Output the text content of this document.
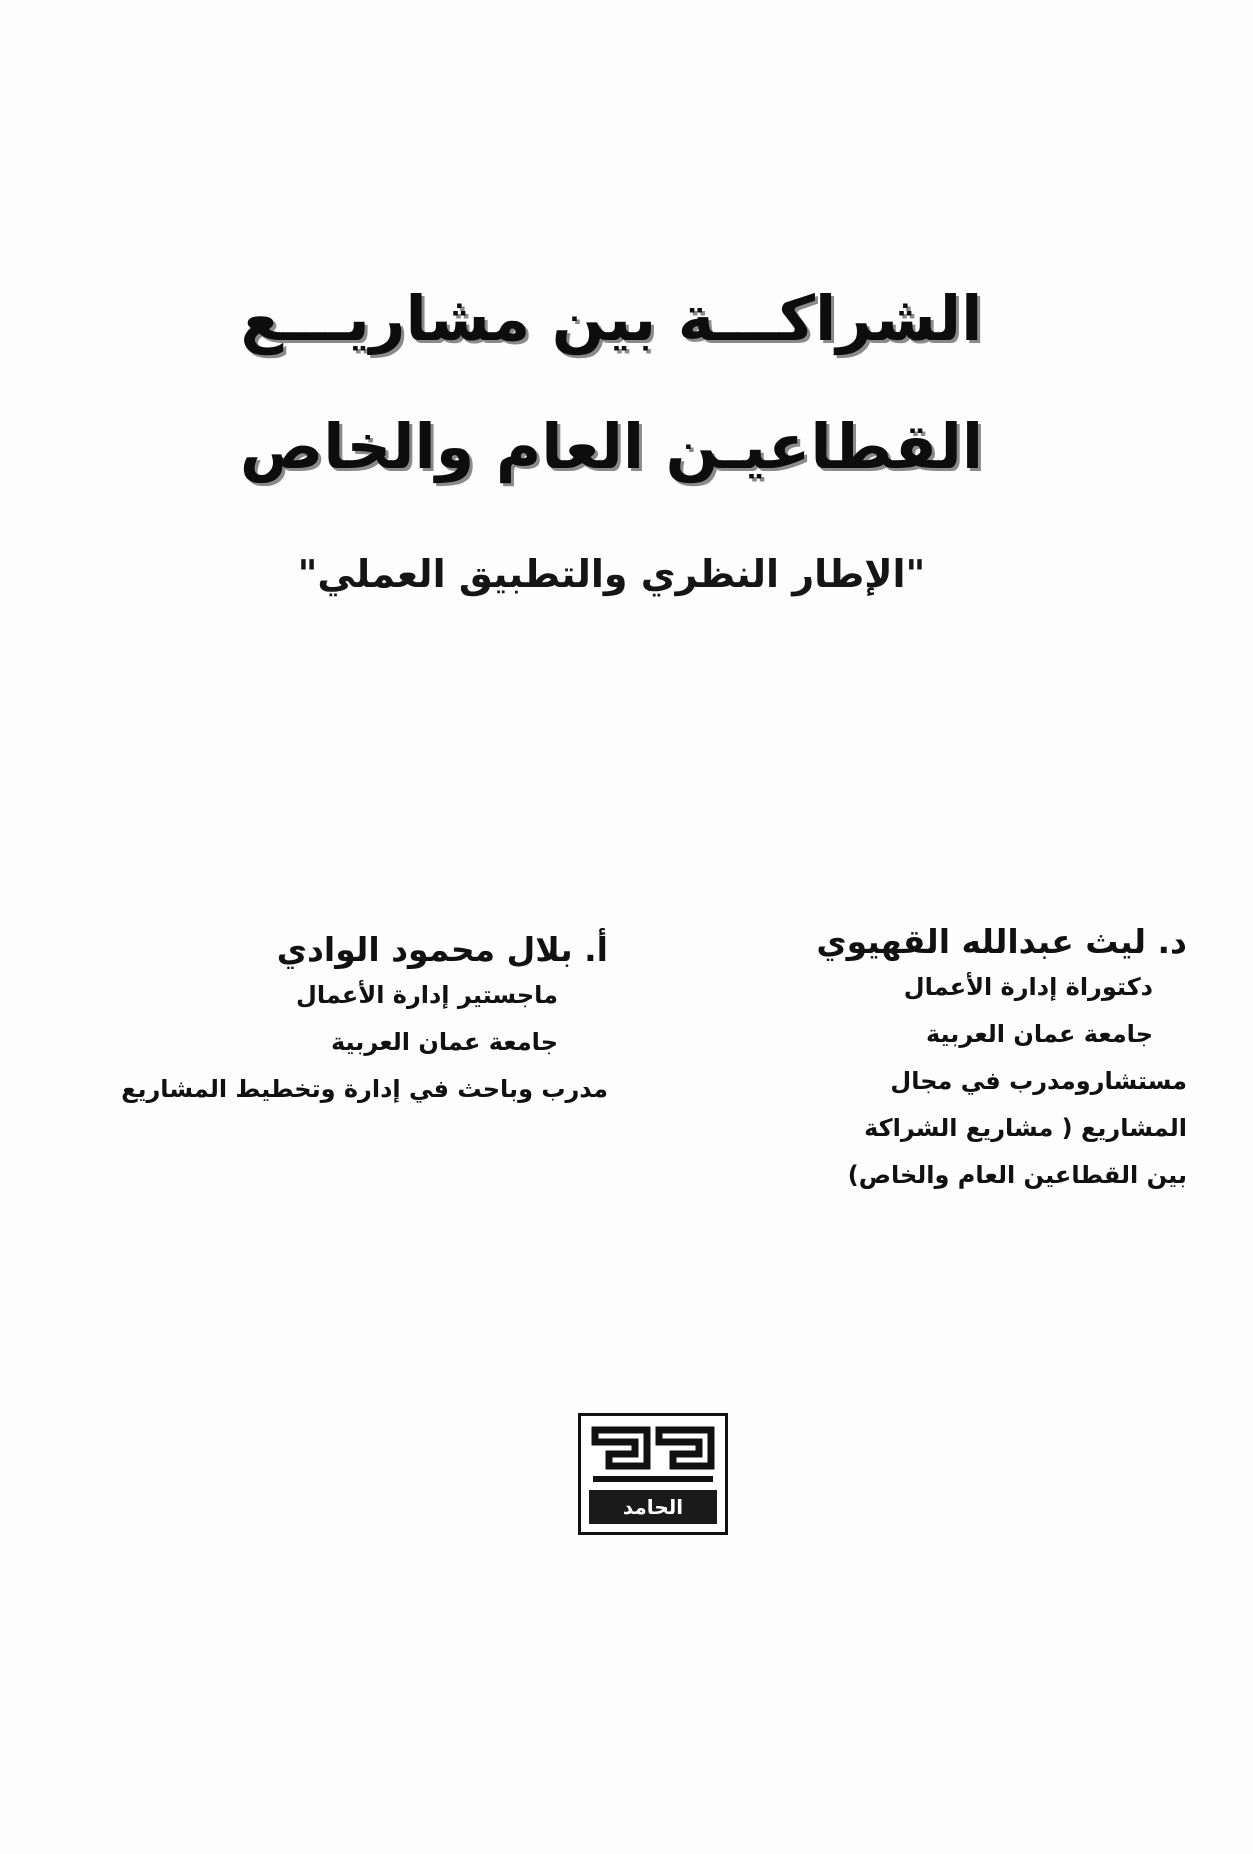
الشراكـــة بين مشاريـــع
القطاعيـن العام والخاص
"الإطار النظري والتطبيق العملي"
د. ليث عبدالله القهيوي
دكتوراة إدارة الأعمال
جامعة عمان العربية
مستشارومدرب في مجال
المشاريع ( مشاريع الشراكة
بين القطاعين العام والخاص)
أ. بلال محمود الوادي
ماجستير إدارة الأعمال
جامعة عمان العربية
مدرب وباحث في إدارة وتخطيط المشاريع
الحامد
